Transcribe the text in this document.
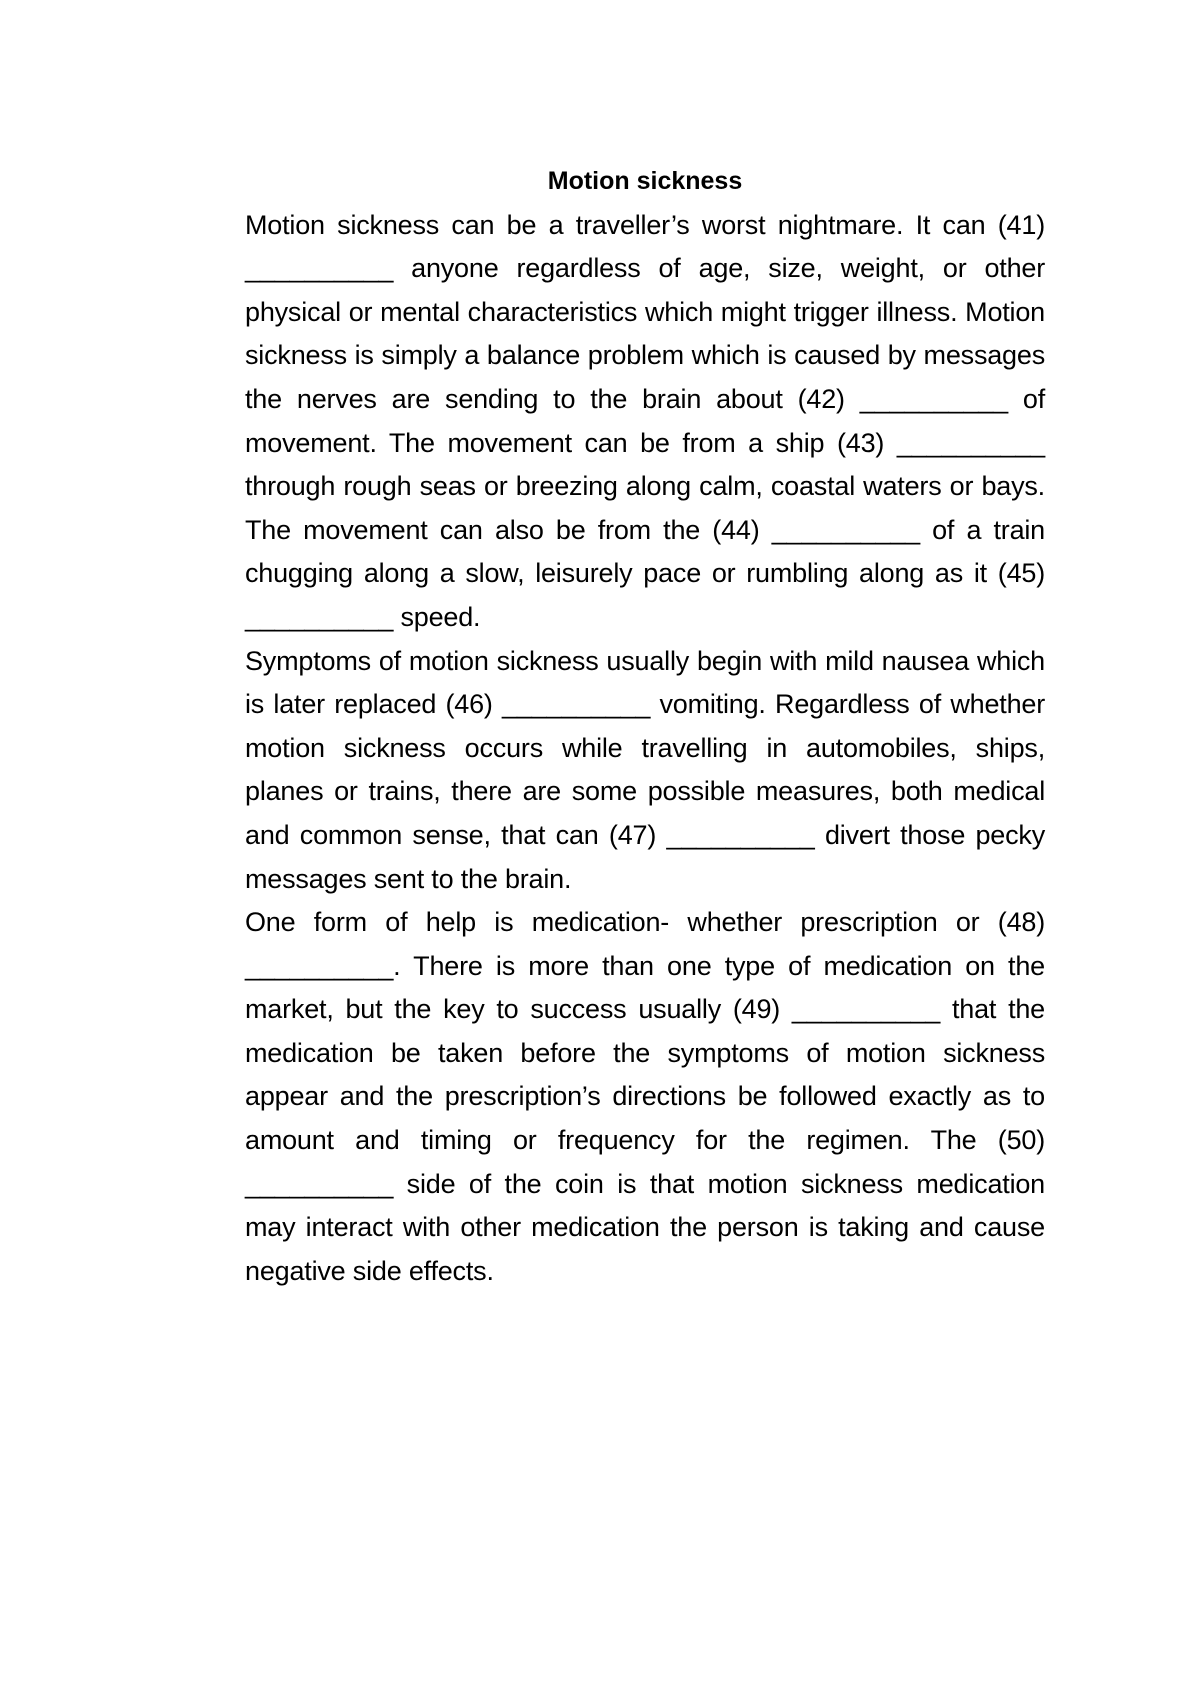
Motion sickness

Motion sickness can be a traveller’s worst nightmare. It can (41) __________ anyone regardless of age, size, weight, or other physical or mental characteristics which might trigger illness. Motion sickness is simply a balance problem which is caused by messages the nerves are sending to the brain about (42) __________ of movement. The movement can be from a ship (43) __________ through rough seas or breezing along calm, coastal waters or bays. The movement can also be from the (44) __________ of a train chugging along a slow, leisurely pace or rumbling along as it (45) __________ speed.

Symptoms of motion sickness usually begin with mild nausea which is later replaced (46) __________ vomiting. Regardless of whether motion sickness occurs while travelling in automobiles, ships, planes or trains, there are some possible measures, both medical and common sense, that can (47) __________ divert those pecky messages sent to the brain.

One form of help is medication- whether prescription or (48) __________. There is more than one type of medication on the market, but the key to success usually (49) __________ that the medication be taken before the symptoms of motion sickness appear and the prescription’s directions be followed exactly as to amount and timing or frequency for the regimen. The (50) __________ side of the coin is that motion sickness medication may interact with other medication the person is taking and cause negative side effects.
